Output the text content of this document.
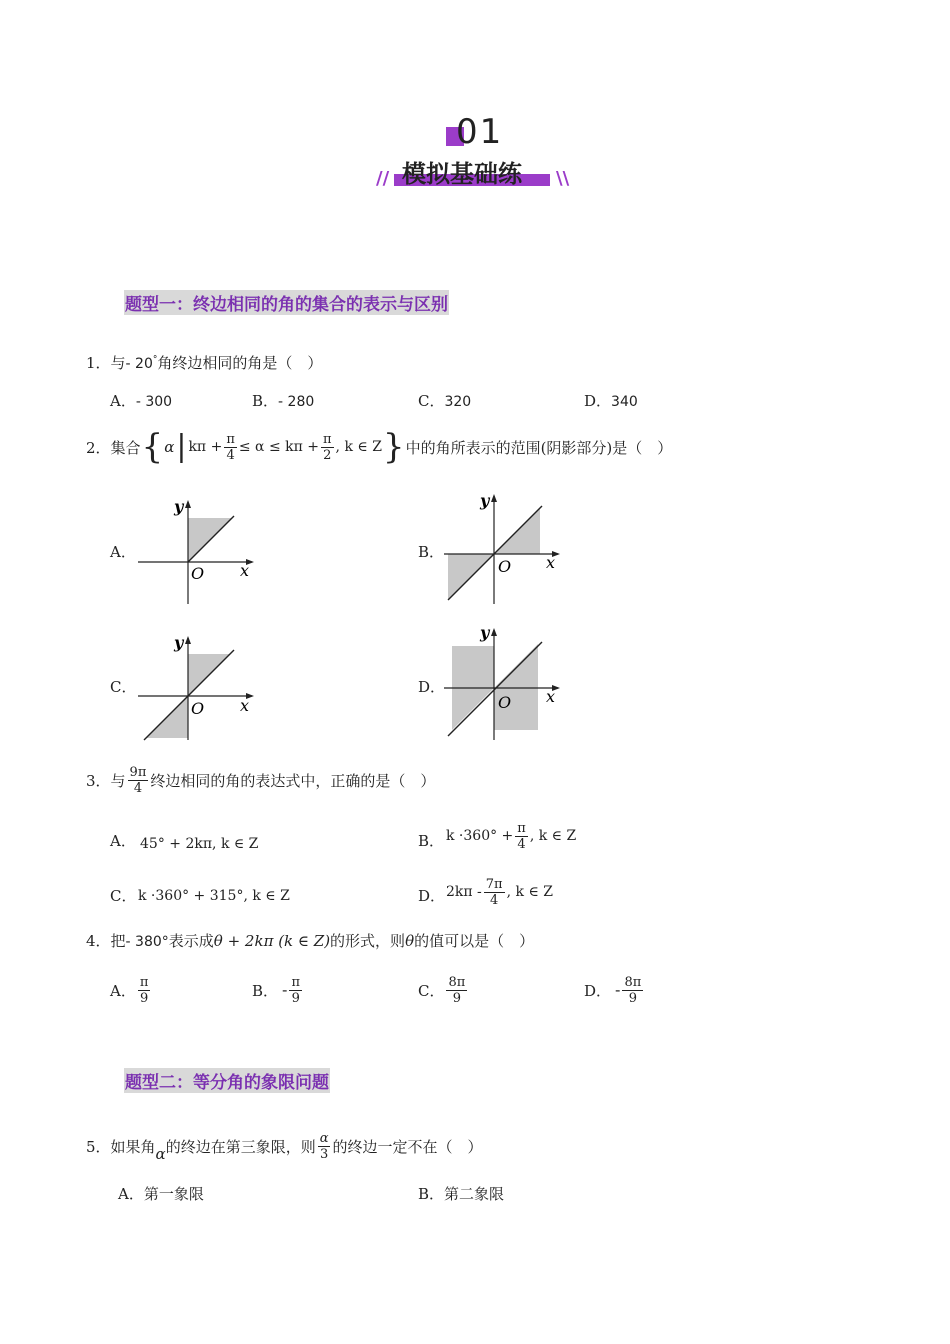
01
模拟基础练
//	\\
题型一：终边相同的角的集合的表示与区别
1．与- 20°角终边相同的角是（　）
A．- 300	B．- 280	C．320	D．340
2．集合 { α | $k\pi + \frac{\pi}{4} \le \alpha \le k\pi + \frac{\pi}{2}$ , k ∈ Z } 中的角所表示的范围(阴影部分)是（　）
A．
x
y
O
B．
x
y
O
C．
x
y
O
D．	x
y
O
3．与 $\frac{9\pi}{4}$ 终边相同的角的表达式中，正确的是（　）
A． 45° + 2kπ, k ∈ Z	B． $k \cdot 360^\circ + \frac{\pi}{4}$ , k ∈ Z
C． k ·360° + 315°, k ∈ Z	D． $2k\pi - \frac{7\pi}{4}$ , k ∈ Z
4．把- 380°表示成θ + 2kπ (k ∈ Z)的形式，则θ的值可以是（　）
A． $\frac{\pi}{9}$	B． - $\frac{\pi}{9}$	C． $\frac{8\pi}{9}$	D． - $\frac{8\pi}{9}$
题型二：等分角的象限问题
5．如果角 α 的终边在第三象限，则 $\frac{\alpha}{3}$ 的终边一定不在（　）
A．第一象限	B．第二象限
